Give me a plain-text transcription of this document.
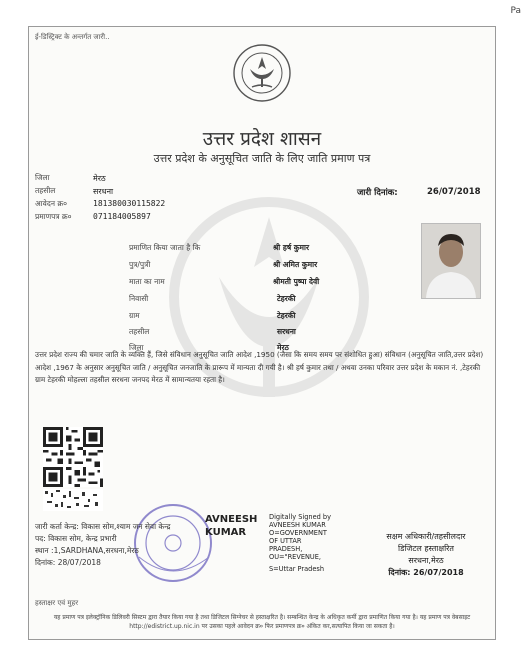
Pa
ई-डिस्ट्रिक्ट के अन्तर्गत जारी..
उत्तर प्रदेश शासन
उत्तर प्रदेश के अनुसूचित जाति के लिए जाति प्रमाण पत्र
जिला	मेरठ
तहसील	सरधना
आवेदन क्र०	181380030115822
प्रमाणपत्र क्र०	071184005897
जारी दिनांक:	26/07/2018
प्रमाणित किया जाता है कि	श्री हर्ष कुमार
पुत्र/पुत्री	श्री अमित कुमार
माता का नाम	श्रीमती पुष्पा देवी
निवासी	टेहरकी
ग्राम	टेहरकी
तहसील	सरधना
जिला	मेरठ
उत्तर प्रदेश राज्य की चमार जाति के व्यक्ति हैं, जिसे संविधान अनुसूचित जाति आदेश ,1950 (जैसा कि समय समय पर संशोधित हुआ) संविधान (अनुसूचित जाति,उत्तर प्रदेश) आदेश ,1967 के अनुसार अनुसूचित जाति / अनुसूचित जनजाति के प्रारूप में मान्यता दी गयी है। श्री हर्ष कुमार तथा / अथवा उनका परिवार उत्तर प्रदेश के मकान नं. ,टेहरकी ग्राम टेहरकी मोहल्ला तहसील सरधना जनपद मेरठ में सामान्यतया रहता है।
जारी कर्ता केन्द्र: विकास सोम,श्याम जन सेवा केन्द्र
पद: विकास सोम, केन्द्र प्रभारी
स्थान :1,SARDHANA,सरधना,मेरठ
दिनांक: 28/07/2018
हस्ताक्षर एवं मुहर
AVNEESH KUMAR
Digitally Signed by
AVNEESH KUMAR
O=GOVERNMENT
OF UTTAR
PRADESH,
OU="REVENUE,
S=Uttar Pradesh
सक्षम अधिकारी/तहसीलदार
डिजिटल हस्ताक्षरित
सरधना,मेरठ
दिनांक: 26/07/2018
यह प्रमाण पत्र इलेक्ट्रॉनिक डिलिवरी सिस्टम द्वारा तैयार किया गया है तथा डिजिटल सिग्नेचर से हस्ताक्षरित है। सम्बन्धित केन्द्र के अधिकृत कर्मी द्वारा प्रमाणित किया गया है। यह प्रमाण पत्र वेबसाइट http://edistrict.up.nic.in पर उसका पहले आवेदन क्र० फिर प्रमाणपत्र क्र० अंकित कर,सत्यापित किया जा सकता है।
